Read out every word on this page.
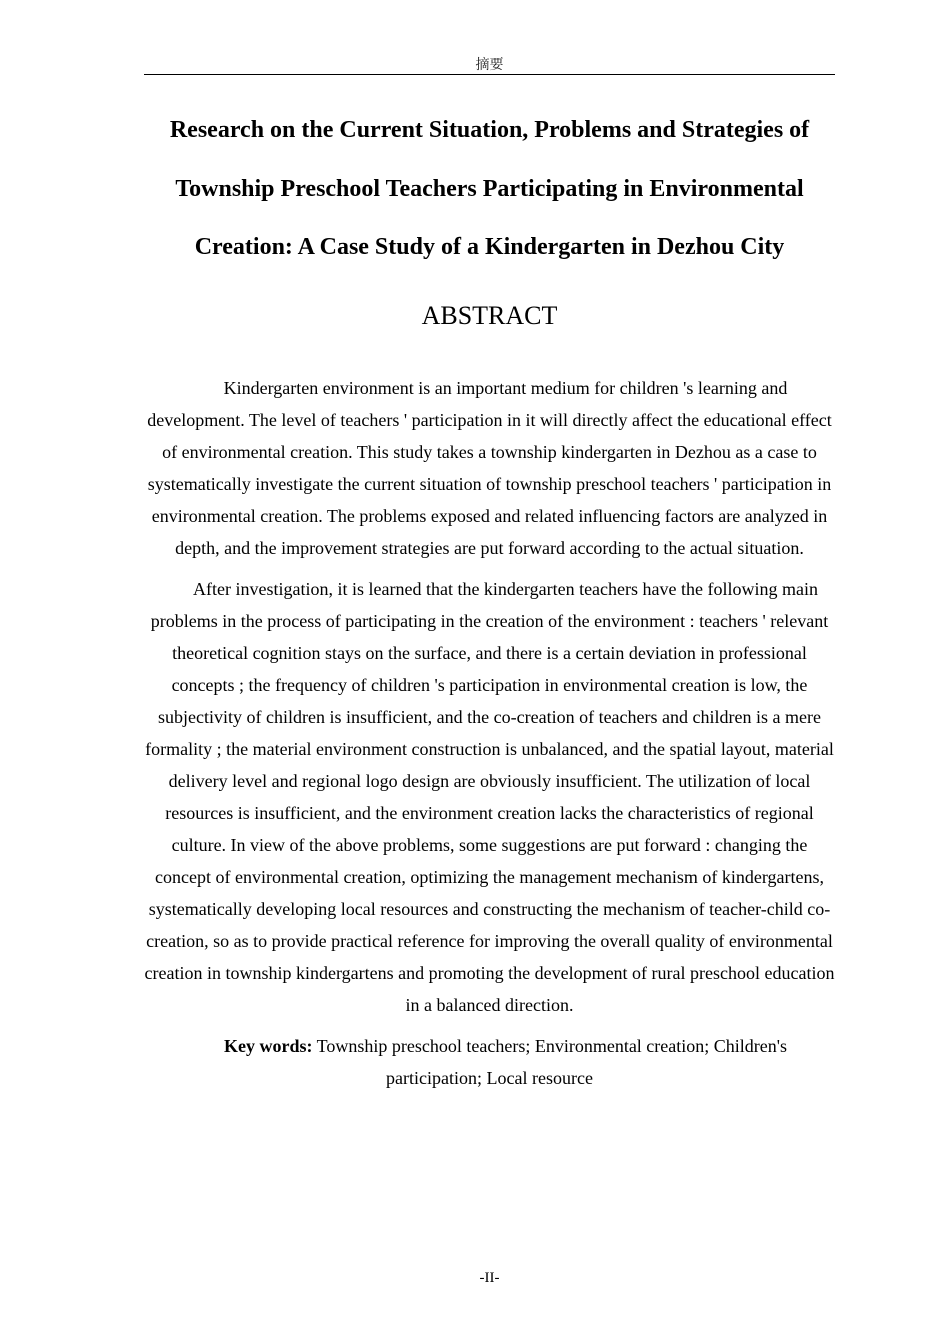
摘要
Research on the Current Situation, Problems and Strategies of Township Preschool Teachers Participating in Environmental Creation: A Case Study of a Kindergarten in Dezhou City
ABSTRACT

Kindergarten environment is an important medium for children 's learning and development. The level of teachers ' participation in it will directly affect the educational effect of environmental creation. This study takes a township kindergarten in Dezhou as a case to systematically investigate the current situation of township preschool teachers ' participation in environmental creation. The problems exposed and related influencing factors are analyzed in depth, and the improvement strategies are put forward according to the actual situation.

After investigation, it is learned that the kindergarten teachers have the following main problems in the process of participating in the creation of the environment : teachers ' relevant theoretical cognition stays on the surface, and there is a certain deviation in professional concepts ; the frequency of children 's participation in environmental creation is low, the subjectivity of children is insufficient, and the co-creation of teachers and children is a mere formality ; the material environment construction is unbalanced, and the spatial layout, material delivery level and regional logo design are obviously insufficient. The utilization of local resources is insufficient, and the environment creation lacks the characteristics of regional culture. In view of the above problems, some suggestions are put forward : changing the concept of environmental creation, optimizing the management mechanism of kindergartens, systematically developing local resources and constructing the mechanism of teacher-child co-creation, so as to provide practical reference for improving the overall quality of environmental creation in township kindergartens and promoting the development of rural preschool education in a balanced direction.

Key words: Township preschool teachers; Environmental creation; Children's participation; Local resource

-II-
